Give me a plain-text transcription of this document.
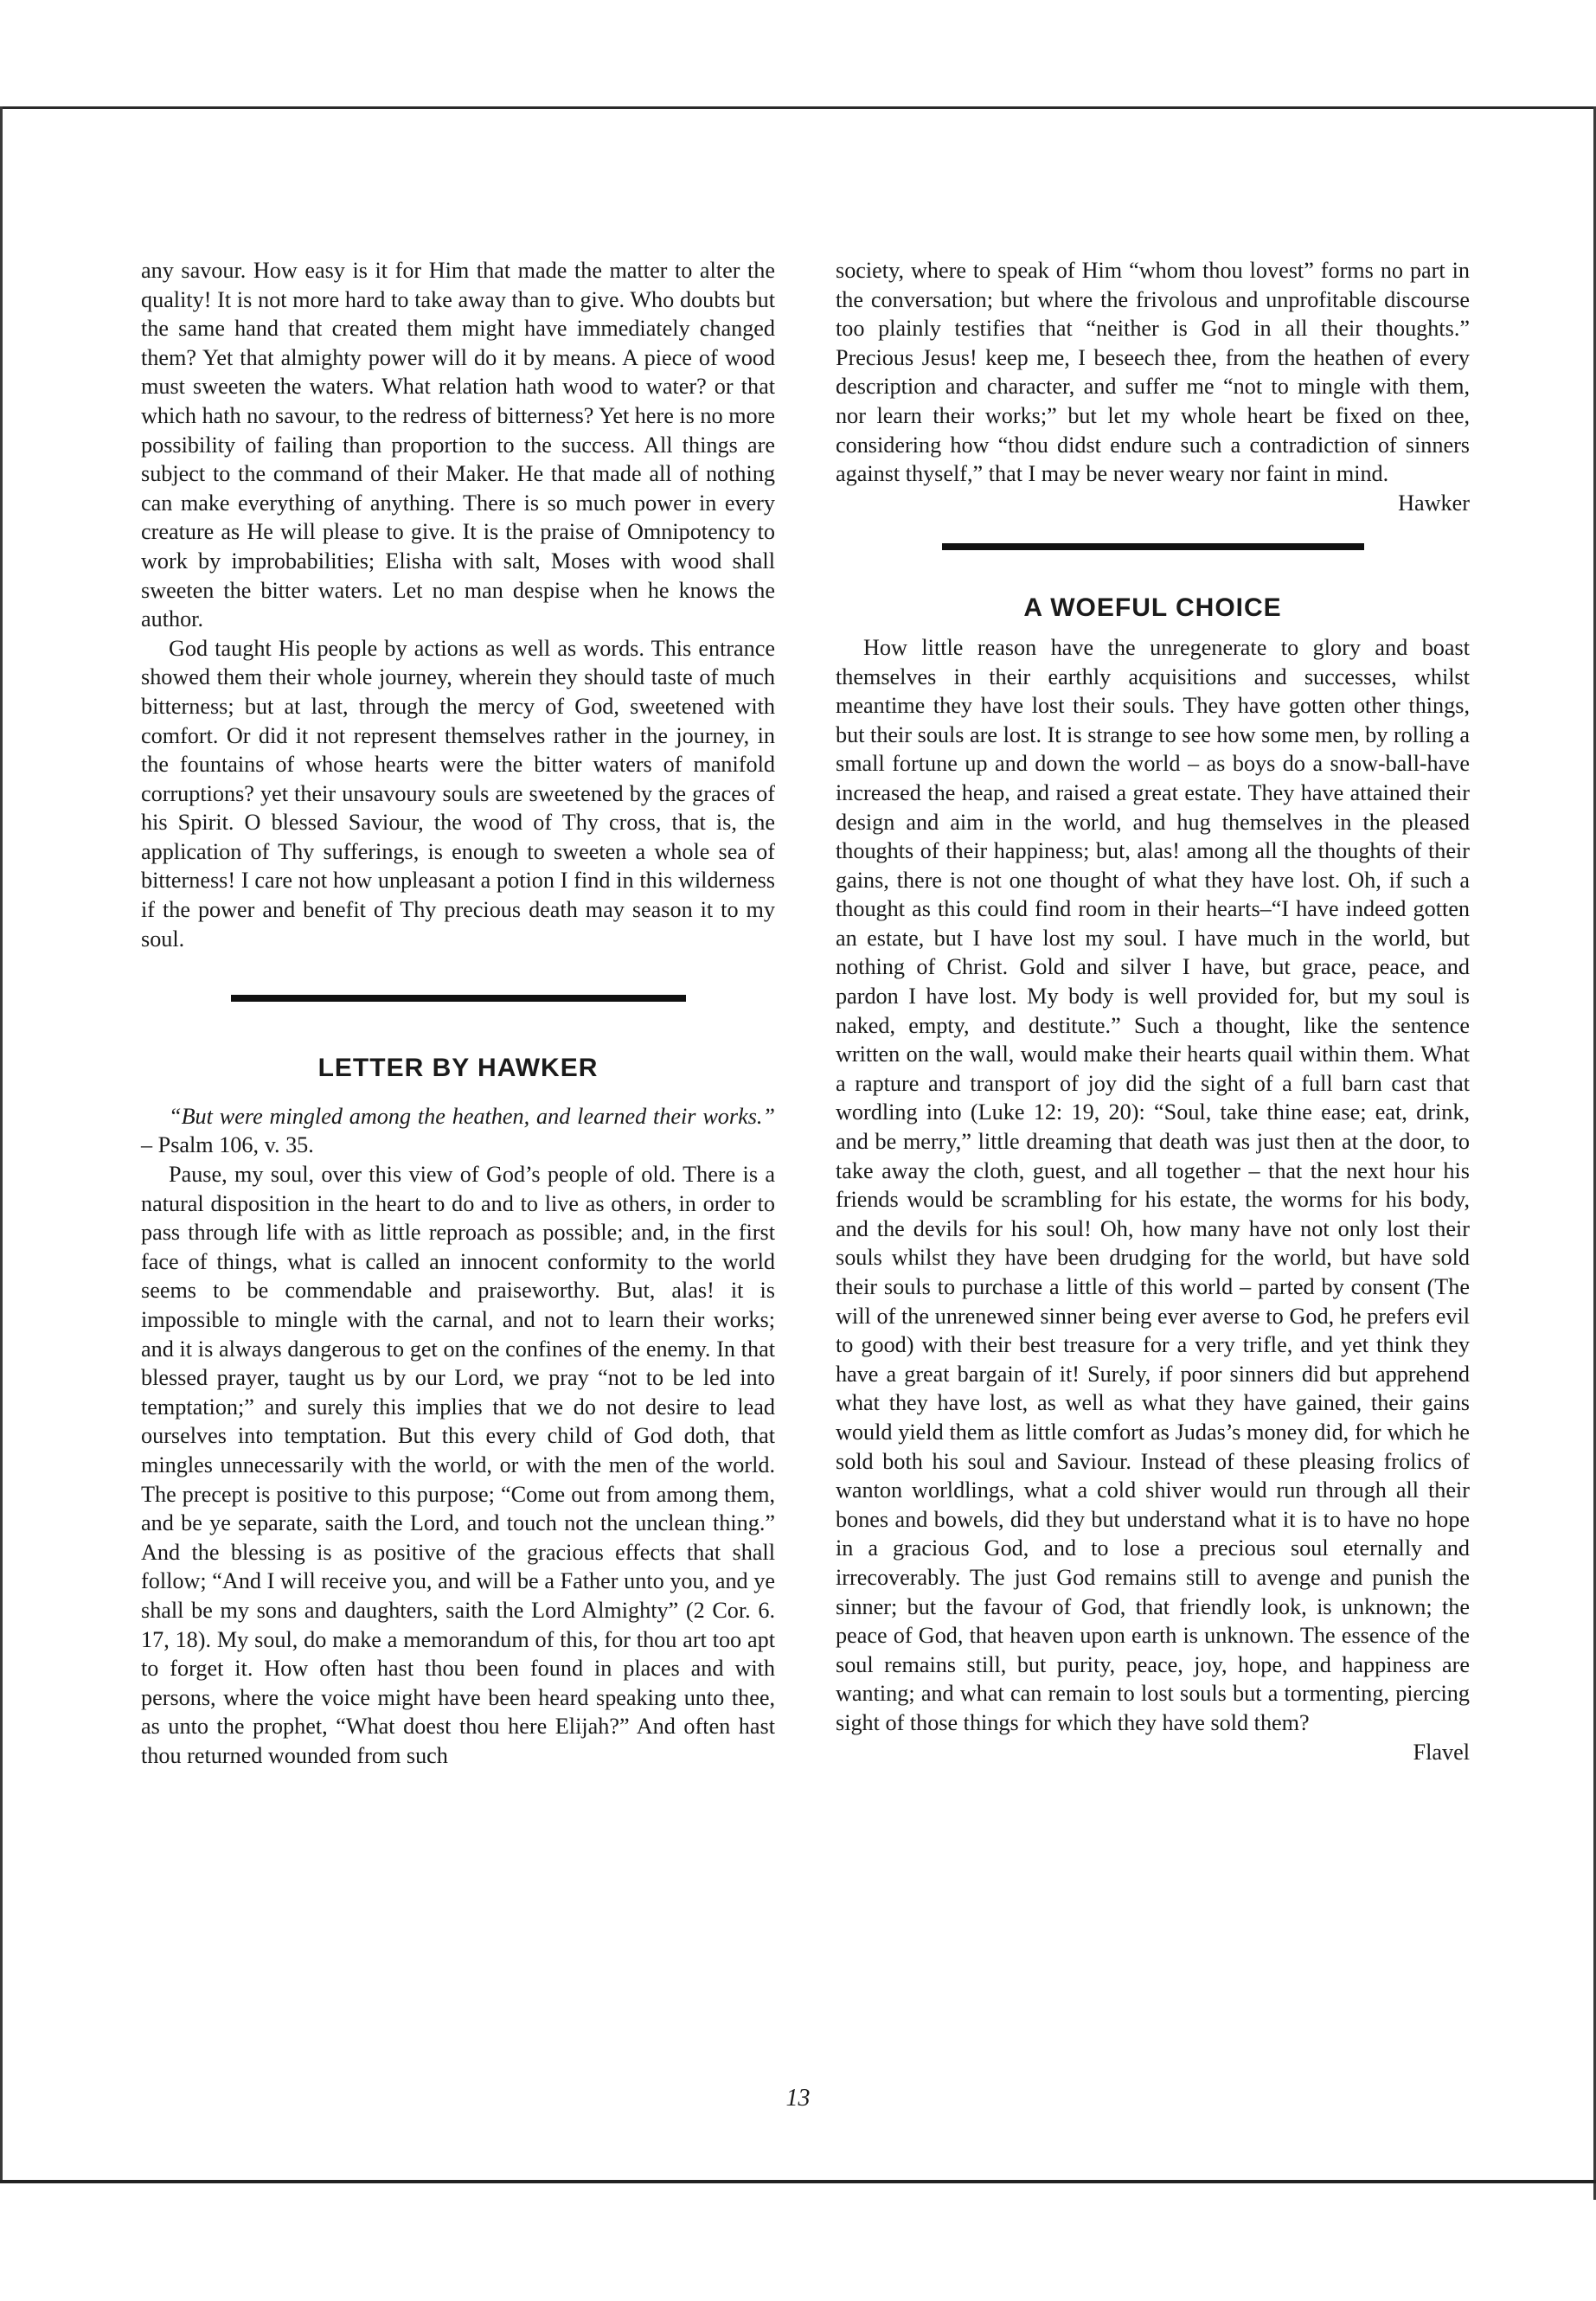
any savour. How easy is it for Him that made the matter to alter the quality! It is not more hard to take away than to give. Who doubts but the same hand that created them might have immediately changed them? Yet that almighty power will do it by means. A piece of wood must sweeten the waters. What relation hath wood to water? or that which hath no savour, to the redress of bitterness? Yet here is no more possibility of failing than proportion to the success. All things are subject to the command of their Maker. He that made all of nothing can make everything of anything. There is so much power in every creature as He will please to give. It is the praise of Omnipotency to work by improbabilities; Elisha with salt, Moses with wood shall sweeten the bitter waters. Let no man despise when he knows the author.

God taught His people by actions as well as words. This entrance showed them their whole journey, wherein they should taste of much bitterness; but at last, through the mercy of God, sweetened with comfort. Or did it not represent themselves rather in the journey, in the fountains of whose hearts were the bitter waters of manifold corruptions? yet their unsavoury souls are sweetened by the graces of his Spirit. O blessed Saviour, the wood of Thy cross, that is, the application of Thy sufferings, is enough to sweeten a whole sea of bitterness! I care not how unpleasant a potion I find in this wilderness if the power and benefit of Thy precious death may season it to my soul.

LETTER BY HAWKER

“But were mingled among the heathen, and learned their works.” – Psalm 106, v. 35.

Pause, my soul, over this view of God’s people of old. There is a natural disposition in the heart to do and to live as others, in order to pass through life with as little reproach as possible; and, in the first face of things, what is called an innocent conformity to the world seems to be commendable and praiseworthy. But, alas! it is impossible to mingle with the carnal, and not to learn their works; and it is always dangerous to get on the confines of the enemy. In that blessed prayer, taught us by our Lord, we pray “not to be led into temptation;” and surely this implies that we do not desire to lead ourselves into temptation. But this every child of God doth, that mingles unnecessarily with the world, or with the men of the world. The precept is positive to this purpose; “Come out from among them, and be ye separate, saith the Lord, and touch not the unclean thing.” And the blessing is as positive of the gracious effects that shall follow; “And I will receive you, and will be a Father unto you, and ye shall be my sons and daughters, saith the Lord Almighty” (2 Cor. 6. 17, 18). My soul, do make a memorandum of this, for thou art too apt to forget it. How often hast thou been found in places and with persons, where the voice might have been heard speaking unto thee, as unto the prophet, “What doest thou here Elijah?” And often hast thou returned wounded from such

society, where to speak of Him “whom thou lovest” forms no part in the conversation; but where the frivolous and unprofitable discourse too plainly testifies that “neither is God in all their thoughts.” Precious Jesus! keep me, I beseech thee, from the heathen of every description and character, and suffer me “not to mingle with them, nor learn their works;” but let my whole heart be fixed on thee, considering how “thou didst endure such a contradiction of sinners against thyself,” that I may be never weary nor faint in mind.

Hawker

A WOEFUL CHOICE

How little reason have the unregenerate to glory and boast themselves in their earthly acquisitions and successes, whilst meantime they have lost their souls. They have gotten other things, but their souls are lost. It is strange to see how some men, by rolling a small fortune up and down the world – as boys do a snow-ball-have increased the heap, and raised a great estate. They have attained their design and aim in the world, and hug themselves in the pleased thoughts of their happiness; but, alas! among all the thoughts of their gains, there is not one thought of what they have lost. Oh, if such a thought as this could find room in their hearts–“I have indeed gotten an estate, but I have lost my soul. I have much in the world, but nothing of Christ. Gold and silver I have, but grace, peace, and pardon I have lost. My body is well provided for, but my soul is naked, empty, and destitute.” Such a thought, like the sentence written on the wall, would make their hearts quail within them. What a rapture and transport of joy did the sight of a full barn cast that wordling into (Luke 12: 19, 20): “Soul, take thine ease; eat, drink, and be merry,” little dreaming that death was just then at the door, to take away the cloth, guest, and all together – that the next hour his friends would be scrambling for his estate, the worms for his body, and the devils for his soul! Oh, how many have not only lost their souls whilst they have been drudging for the world, but have sold their souls to purchase a little of this world – parted by consent (The will of the unrenewed sinner being ever averse to God, he prefers evil to good) with their best treasure for a very trifle, and yet think they have a great bargain of it! Surely, if poor sinners did but apprehend what they have lost, as well as what they have gained, their gains would yield them as little comfort as Judas’s money did, for which he sold both his soul and Saviour. Instead of these pleasing frolics of wanton worldlings, what a cold shiver would run through all their bones and bowels, did they but understand what it is to have no hope in a gracious God, and to lose a precious soul eternally and irrecoverably. The just God remains still to avenge and punish the sinner; but the favour of God, that friendly look, is unknown; the peace of God, that heaven upon earth is unknown. The essence of the soul remains still, but purity, peace, joy, hope, and happiness are wanting; and what can remain to lost souls but a tormenting, piercing sight of those things for which they have sold them?

Flavel

13
